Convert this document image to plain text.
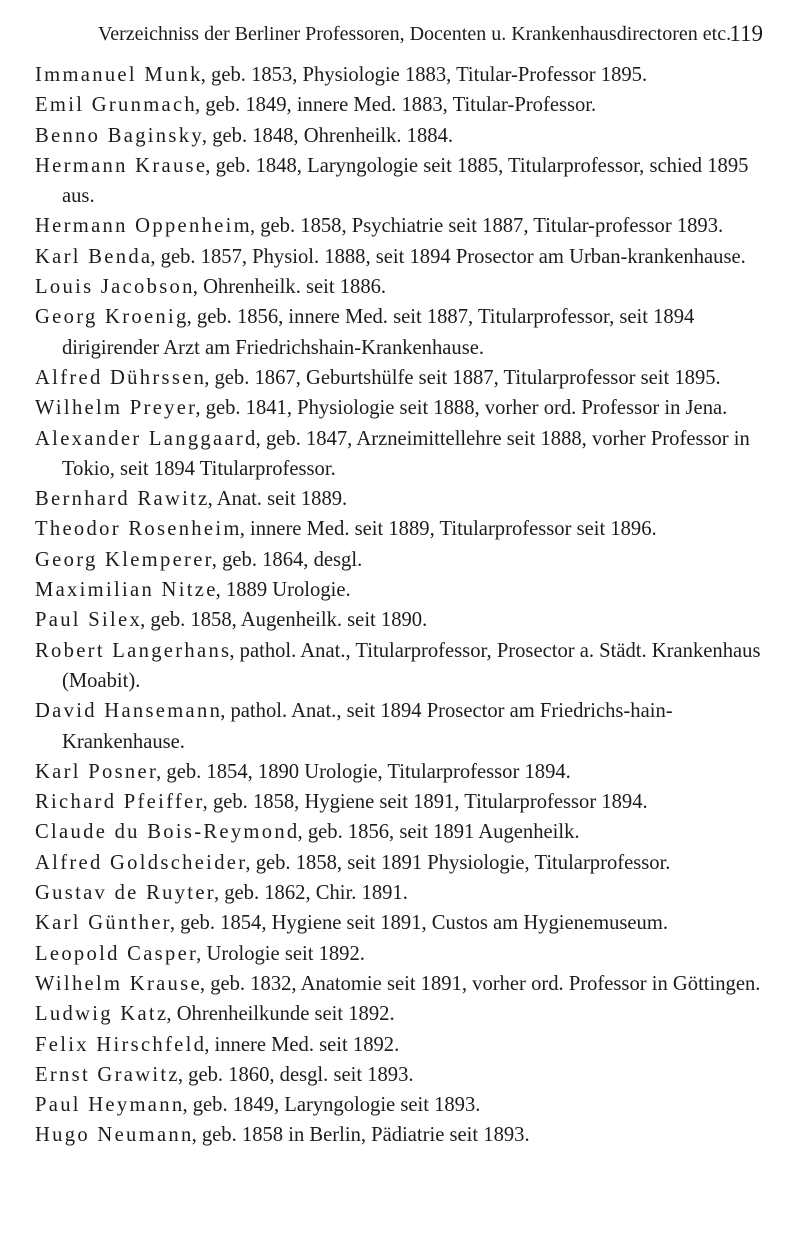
Verzeichniss der Berliner Professoren, Docenten u. Krankenhausdirectoren etc.
119

Immanuel Munk, geb. 1853, Physiologie 1883, Titular-Professor 1895.

Emil Grunmach, geb. 1849, innere Med. 1883, Titular-Professor.

Benno Baginsky, geb. 1848, Ohrenheilk. 1884.

Hermann Krause, geb. 1848, Laryngologie seit 1885, Titularprofessor, schied 1895 aus.

Hermann Oppenheim, geb. 1858, Psychiatrie seit 1887, Titular-professor 1893.

Karl Benda, geb. 1857, Physiol. 1888, seit 1894 Prosector am Urban-krankenhause.

Louis Jacobson, Ohrenheilk. seit 1886.

Georg Kroenig, geb. 1856, innere Med. seit 1887, Titularprofessor, seit 1894 dirigirender Arzt am Friedrichshain-Krankenhause.

Alfred Dührssen, geb. 1867, Geburtshülfe seit 1887, Titularprofessor seit 1895.

Wilhelm Preyer, geb. 1841, Physiologie seit 1888, vorher ord. Professor in Jena.

Alexander Langgaard, geb. 1847, Arzneimittellehre seit 1888, vorher Professor in Tokio, seit 1894 Titularprofessor.

Bernhard Rawitz, Anat. seit 1889.

Theodor Rosenheim, innere Med. seit 1889, Titularprofessor seit 1896.

Georg Klemperer, geb. 1864, desgl.

Maximilian Nitze, 1889 Urologie.

Paul Silex, geb. 1858, Augenheilk. seit 1890.

Robert Langerhans, pathol. Anat., Titularprofessor, Prosector a. Städt. Krankenhaus (Moabit).

David Hansemann, pathol. Anat., seit 1894 Prosector am Friedrichs-hain-Krankenhause.

Karl Posner, geb. 1854, 1890 Urologie, Titularprofessor 1894.

Richard Pfeiffer, geb. 1858, Hygiene seit 1891, Titularprofessor 1894.

Claude du Bois-Reymond, geb. 1856, seit 1891 Augenheilk.

Alfred Goldscheider, geb. 1858, seit 1891 Physiologie, Titularprofessor.

Gustav de Ruyter, geb. 1862, Chir. 1891.

Karl Günther, geb. 1854, Hygiene seit 1891, Custos am Hygienemuseum.

Leopold Casper, Urologie seit 1892.

Wilhelm Krause, geb. 1832, Anatomie seit 1891, vorher ord. Professor in Göttingen.

Ludwig Katz, Ohrenheilkunde seit 1892.

Felix Hirschfeld, innere Med. seit 1892.

Ernst Grawitz, geb. 1860, desgl. seit 1893.

Paul Heymann, geb. 1849, Laryngologie seit 1893.

Hugo Neumann, geb. 1858 in Berlin, Pädiatrie seit 1893.
